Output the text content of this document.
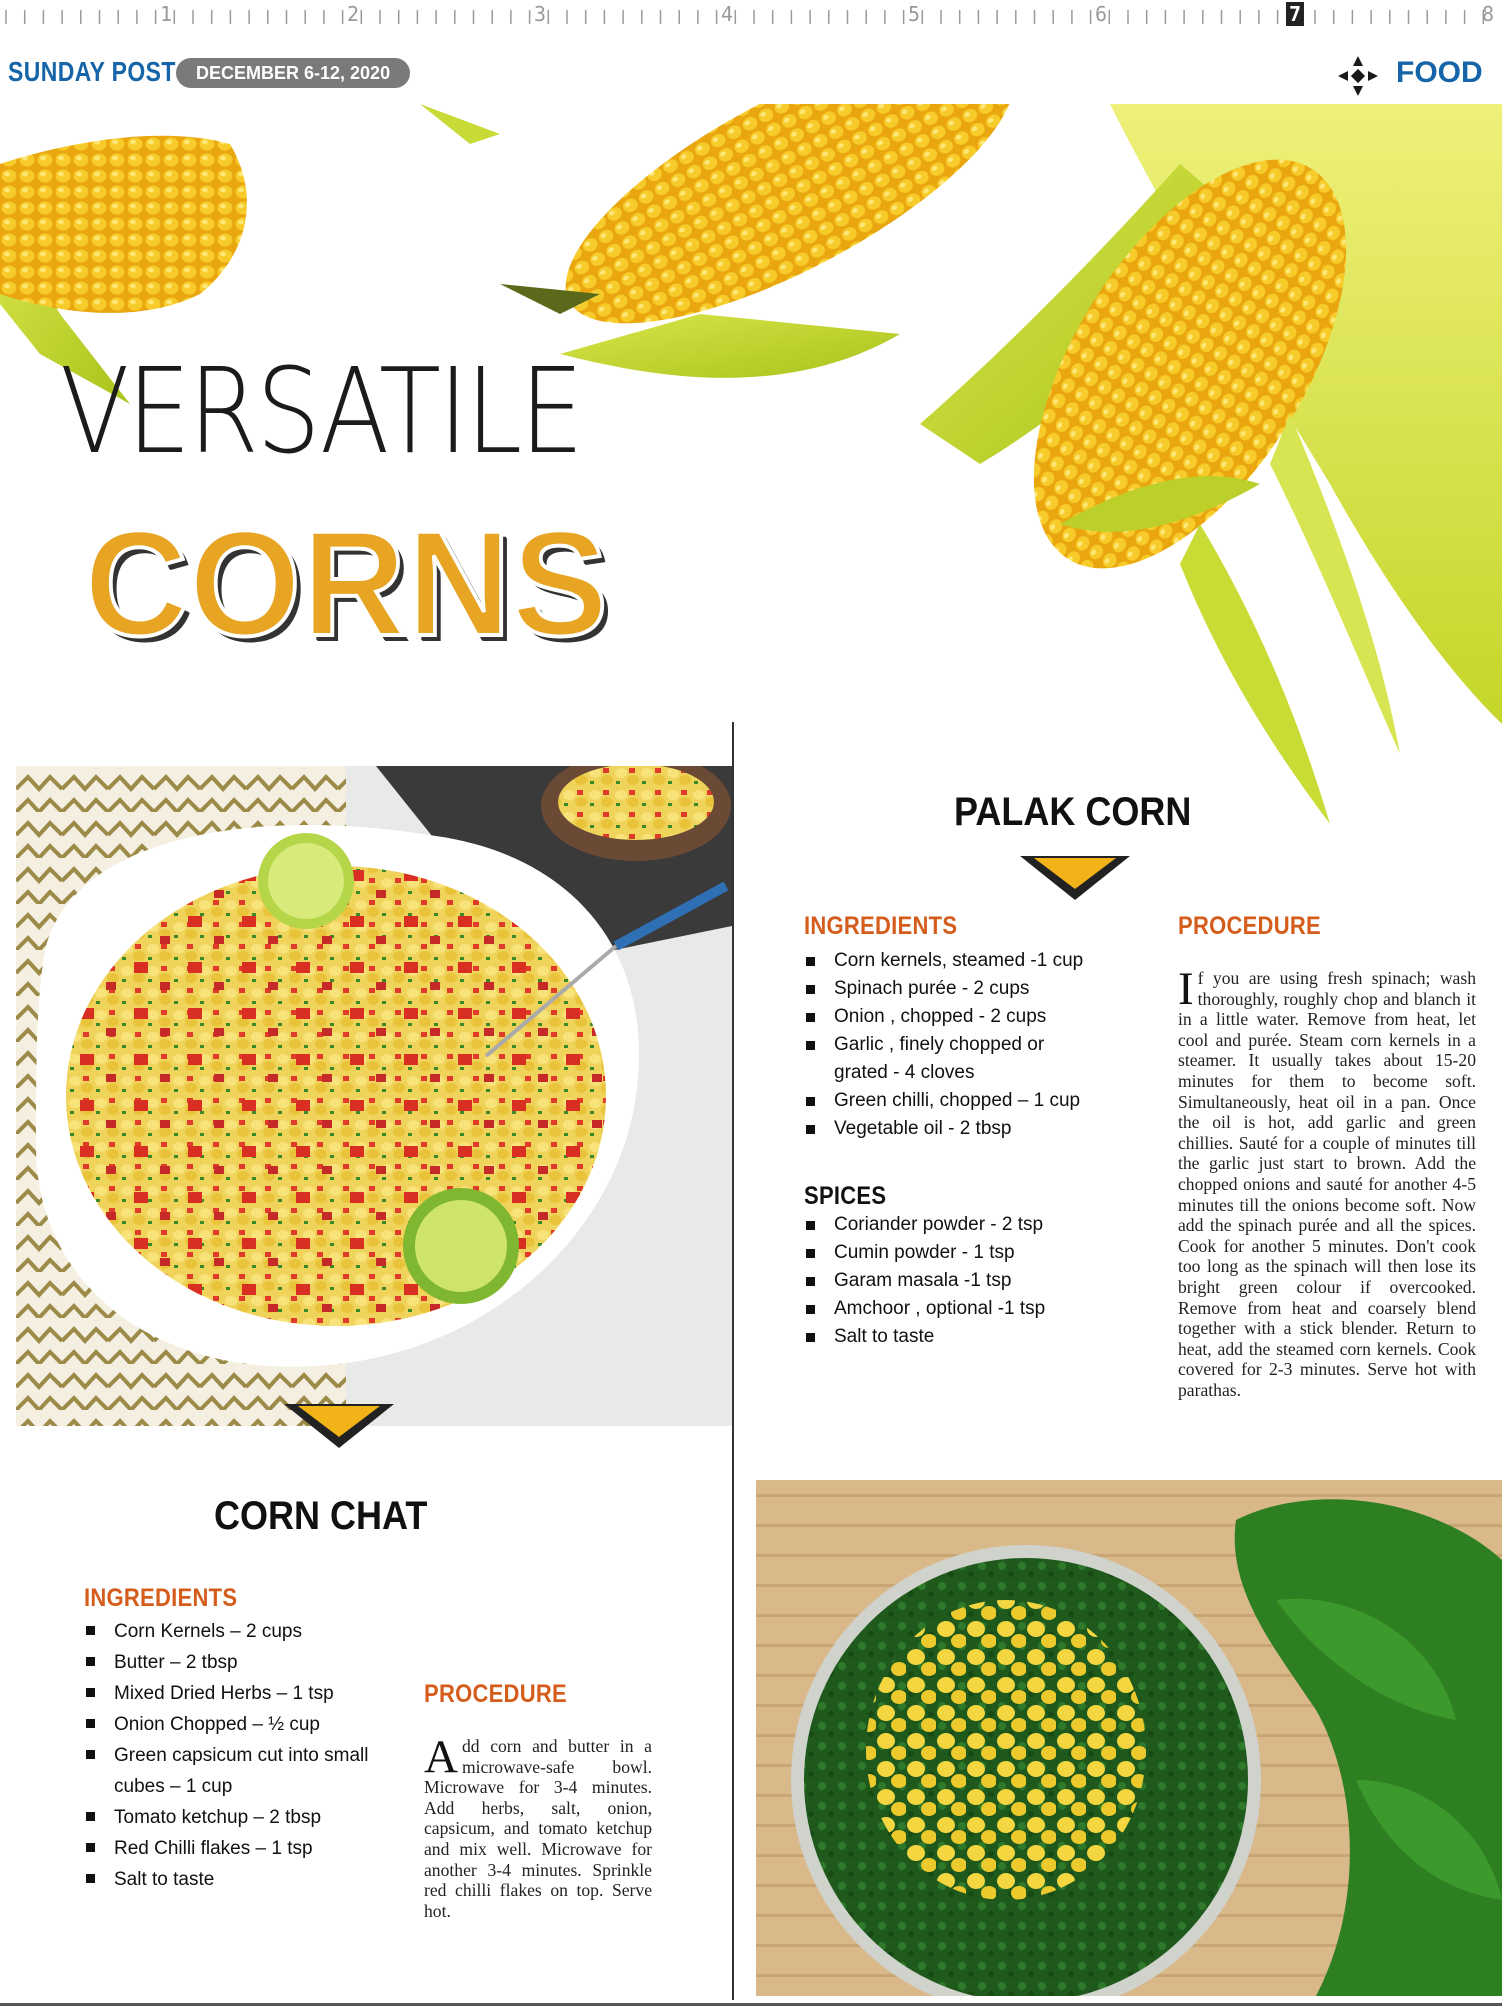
1	2	3	4	5	6	7	8
SUNDAY POST	DECEMBER 6-12, 2020	FOOD
VERSATILE
CORNS
CORN CHAT
INGREDIENTS
Corn Kernels – 2 cups
Butter – 2 tbsp
Mixed Dried Herbs – 1 tsp
Onion Chopped – ½ cup
Green capsicum cut into small cubes – 1 cup
Tomato ketchup – 2 tbsp
Red Chilli flakes – 1 tsp
Salt to taste
PROCEDURE
Add corn and butter in a microwave-safe bowl. Microwave for 3-4 minutes. Add herbs, salt, onion, capsicum, and tomato ketchup and mix well. Microwave for another 3-4 minutes. Sprinkle red chilli flakes on top. Serve hot.
PALAK CORN
INGREDIENTS
Corn kernels, steamed -1 cup
Spinach purée - 2 cups
Onion , chopped - 2 cups
Garlic , finely chopped or grated - 4 cloves
Green chilli, chopped – 1 cup
Vegetable oil - 2 tbsp
SPICES
Coriander powder - 2 tsp
Cumin powder - 1 tsp
Garam masala -1 tsp
Amchoor , optional -1 tsp
Salt to taste
PROCEDURE
If you are using fresh spinach; wash thoroughly, roughly chop and blanch it in a little water. Remove from heat, let cool and purée. Steam corn kernels in a steamer. It usually takes about 15-20 minutes for them to become soft. Simultaneously, heat oil in a pan. Once the oil is hot, add garlic and green chillies. Sauté for a couple of minutes till the garlic just start to brown. Add the chopped onions and sauté for another 4-5 minutes till the onions become soft. Now add the spinach purée and all the spices. Cook for another 5 minutes. Don't cook too long as the spinach will then lose its bright green colour if overcooked. Remove from heat and coarsely blend together with a stick blender. Return to heat, add the steamed corn kernels. Cook covered for 2-3 minutes. Serve hot with parathas.
